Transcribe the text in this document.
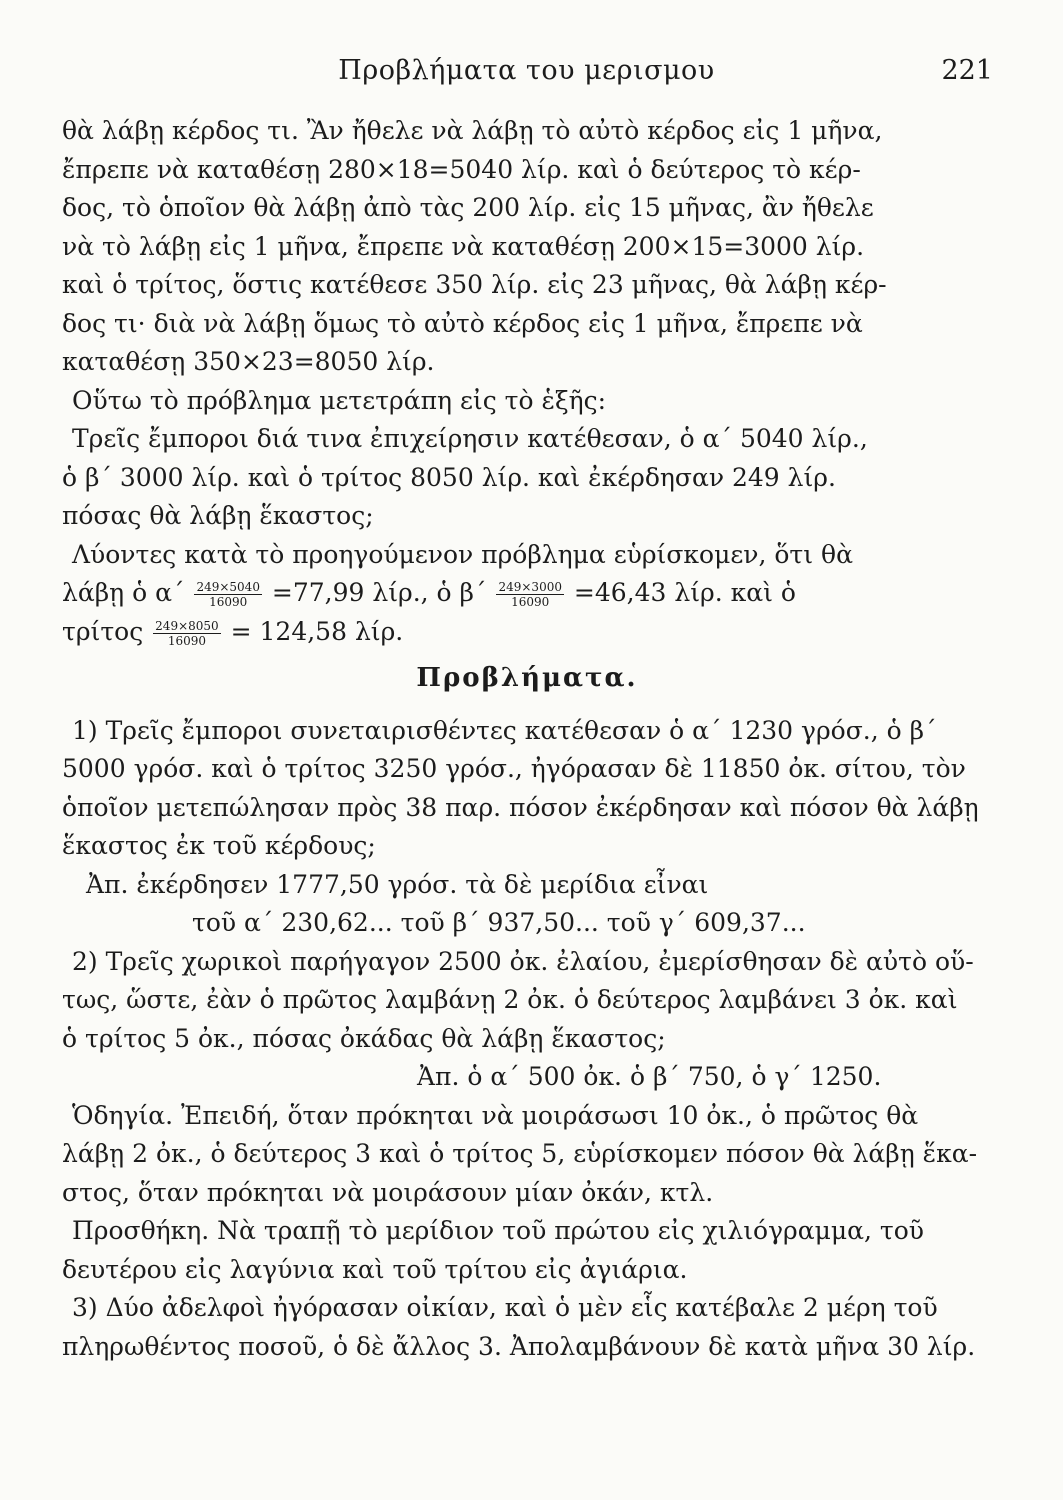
Προβλήματα του μερισμου	221
θὰ λάβῃ κέρδος τι. Ἂν ἤθελε νὰ λάβῃ τὸ αὐτὸ κέρδος εἰς 1 μῆνα,
ἔπρεπε νὰ καταθέσῃ 280×18=5040 λίρ. καὶ ὁ δεύτερος τὸ κέρ-
δος, τὸ ὁποῖον θὰ λάβῃ ἀπὸ τὰς 200 λίρ. εἰς 15 μῆνας, ἂν ἤθελε
νὰ τὸ λάβῃ εἰς 1 μῆνα, ἔπρεπε νὰ καταθέσῃ 200×15=3000 λίρ.
καὶ ὁ τρίτος, ὅστις κατέθεσε 350 λίρ. εἰς 23 μῆνας, θὰ λάβῃ κέρ-
δος τι· διὰ νὰ λάβῃ ὅμως τὸ αὐτὸ κέρδος εἰς 1 μῆνα, ἔπρεπε νὰ
καταθέσῃ 350×23=8050 λίρ.
Οὕτω τὸ πρόβλημα μετετράπη εἰς τὸ ἑξῆς:
Τρεῖς ἔμποροι διά τινα ἐπιχείρησιν κατέθεσαν, ὁ α΄ 5040 λίρ.,
ὁ β΄ 3000 λίρ. καὶ ὁ τρίτος 8050 λίρ. καὶ ἐκέρδησαν 249 λίρ.
πόσας θὰ λάβῃ ἕκαστος;
Λύοντες κατὰ τὸ προηγούμενον πρόβλημα εὑρίσκομεν, ὅτι θὰ
λάβῃ ὁ $\alpha΄ \frac{249\times 5040}{16090} =77,99$ λίρ., ὁ $\beta΄ \frac{249\times 3000}{16090} =46,43$ λίρ. καὶ ὁ
τρίτος $\frac{249\times 8050}{16090} = 124,58$ λίρ.
Προβλήματα.
1) Τρεῖς ἔμποροι συνεταιρισθέντες κατέθεσαν ὁ α΄ 1230 γρόσ., ὁ β΄
5000 γρόσ. καὶ ὁ τρίτος 3250 γρόσ., ἠγόρασαν δὲ 11850 ὀκ. σίτου, τὸν
ὁποῖον μετεπώλησαν πρὸς 38 παρ. πόσον ἐκέρδησαν καὶ πόσον θὰ λάβῃ
ἕκαστος ἐκ τοῦ κέρδους;
Ἀπ. ἐκέρδησεν 1777,50 γρόσ. τὰ δὲ μερίδια εἶναι
τοῦ α΄ 230,62... τοῦ β΄ 937,50... τοῦ γ΄ 609,37...
2) Τρεῖς χωρικοὶ παρήγαγον 2500 ὀκ. ἐλαίου, ἐμερίσθησαν δὲ αὐτὸ οὕ-
τως, ὥστε, ἐὰν ὁ πρῶτος λαμβάνῃ 2 ὀκ. ὁ δεύτερος λαμβάνει 3 ὀκ. καὶ
ὁ τρίτος 5 ὀκ., πόσας ὀκάδας θὰ λάβῃ ἕκαστος;
Ἀπ. ὁ α΄ 500 ὀκ. ὁ β΄ 750, ὁ γ΄ 1250.
Ὁδηγία. Ἐπειδή, ὅταν πρόκηται νὰ μοιράσωσι 10 ὀκ., ὁ πρῶτος θὰ
λάβῃ 2 ὀκ., ὁ δεύτερος 3 καὶ ὁ τρίτος 5, εὑρίσκομεν πόσον θὰ λάβῃ ἕκα-
στος, ὅταν πρόκηται νὰ μοιράσουν μίαν ὀκάν, κτλ.
Προσθήκη. Νὰ τραπῇ τὸ μερίδιον τοῦ πρώτου εἰς χιλιόγραμμα, τοῦ
δευτέρου εἰς λαγύνια καὶ τοῦ τρίτου εἰς ἀγιάρια.
3) Δύο ἀδελφοὶ ἠγόρασαν οἰκίαν, καὶ ὁ μὲν εἷς κατέβαλε 2 μέρη τοῦ
πληρωθέντος ποσοῦ, ὁ δὲ ἄλλος 3. Ἀπολαμβάνουν δὲ κατὰ μῆνα 30 λίρ.
